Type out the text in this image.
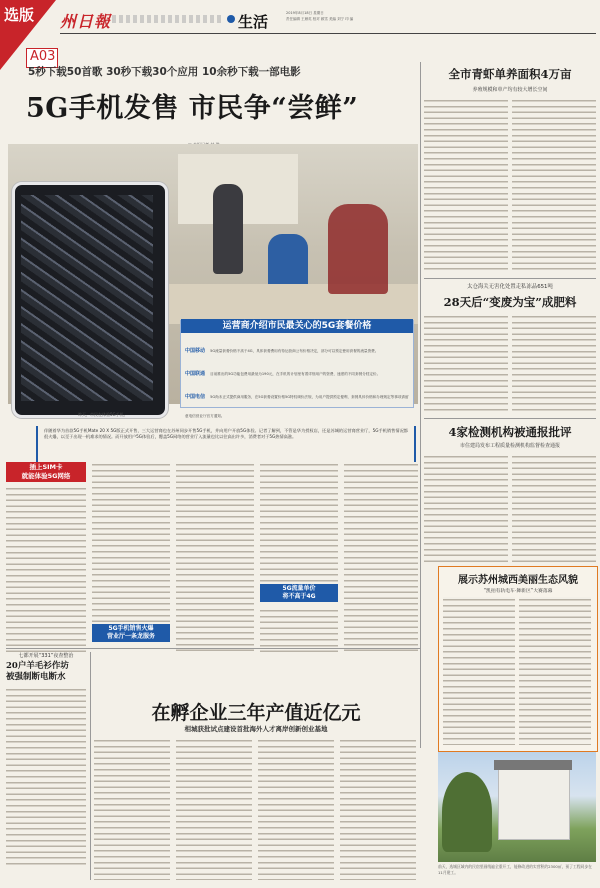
选版
A03
州日報	生活	2019年8月18日 星期日
责任编辑 王雁英 校对 顾雪 美编 刘宁 印 编
5秒下载50首歌 30秒下载30个应用 10余秒下载一部电影
5G手机发售 市民争“尝鲜”
昨天，市民在体验5G手机。
运营商介绍市民最关心的5G套餐价格
中国移动 5G流量套餐价格不高于4G，具体套餐费用有待运营商公布价格决定，部分可以预定使用套餐的流量资费。
中国联通 目前推出的5G功能包费用最低为190元，在手机的计划里有着详细用户的资费，速度的不同套餐分档定价。
中国电信 5G尚未正式提供商用服务，在5G套餐设置价格5G特权调价法规，为用户提供预定便利，套餐具体价格和办理规定等事项请留意电信营业厅官方通知。
伴随着华为首款5G手机Mate 20 X 5G版正式开售，三大运营商也在苏州同步开售5G手机，并向用户开放5G体验。记者了解到，不管是华为授权店，还是苏城的运营商营业厅，5G手机销售情况都很火爆，以至于出现一机难求的情况。而开放用户5G体验后，覆盖5G网络的营业厅入流量也比以往高出许多，消费者对于5G热情高涨。
插上SIM卡
就能体验5G网络
5G手机销售火爆
营业厅一条龙服务
5G流量单价
将不高于4G
全市青虾单养面积4万亩
养殖规模和单产均有较大增长空间
太仓海关无害化处置走私冻品651吨
28天后“变废为宝”成肥料
4家检测机构被通报批评
市住建局发布工程质量检测机构监督检查通报
展示苏州城西美丽生态风貌
“凯拍有轨电车·舞新区”大赛落幕
七都开展“331”夜查整治
20户羊毛衫作坊
被强制断电断水
在孵企业三年产值近亿元
相城获批试点建设首批海外人才离岸创新创业基地
前天，选城区域内的民宿里画线遍全重开工，能修改进的实营积约2300㎡，预了工程同步在11月建工。
